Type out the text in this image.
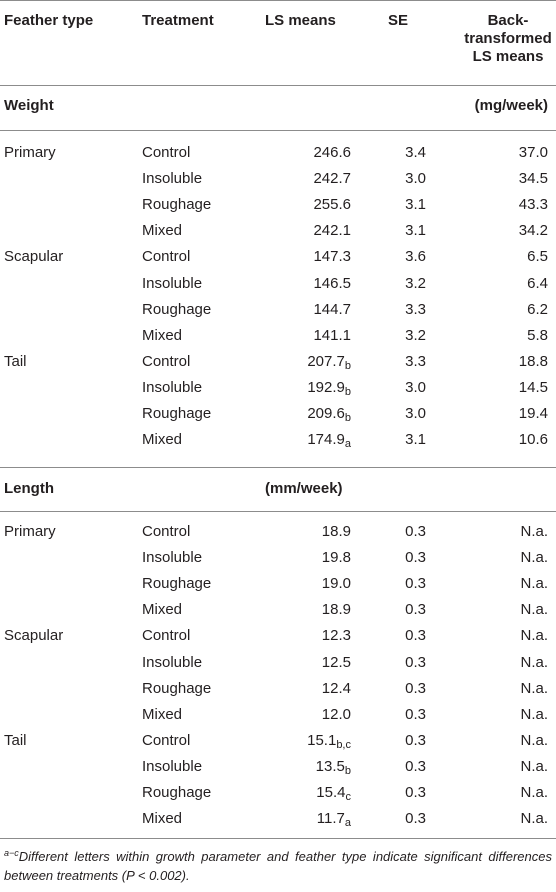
Feather type	Treatment	LS means	SE	Back-
transformed
LS means
Weight	(mg/week)
Primary	Control	246.6	3.4	37.0
Insoluble	242.7	3.0	34.5
Roughage	255.6	3.1	43.3
Mixed	242.1	3.1	34.2
Scapular	Control	147.3	3.6	6.5
Insoluble	146.5	3.2	6.4
Roughage	144.7	3.3	6.2
Mixed	141.1	3.2	5.8
Tail	Control	$207.7_b$	3.3	18.8
Insoluble	$192.9_b$	3.0	14.5
Roughage	$209.6_b$	3.0	19.4
Mixed	$174.9_a$	3.1	10.6
Length	(mm/week)
Primary	Control	18.9	0.3	N.a.
Insoluble	19.8	0.3	N.a.
Roughage	19.0	0.3	N.a.
Mixed	18.9	0.3	N.a.
Scapular	Control	12.3	0.3	N.a.
Insoluble	12.5	0.3	N.a.
Roughage	12.4	0.3	N.a.
Mixed	12.0	0.3	N.a.
Tail	Control	$15.1_{b,c}$	0.3	N.a.
Insoluble	$13.5_b$	0.3	N.a.
Roughage	$15.4_c$	0.3	N.a.
Mixed	$11.7_a$	0.3	N.a.
$^{a-c}$Different letters within growth parameter and feather type indicate significant differences between treatments (P < 0.002).
